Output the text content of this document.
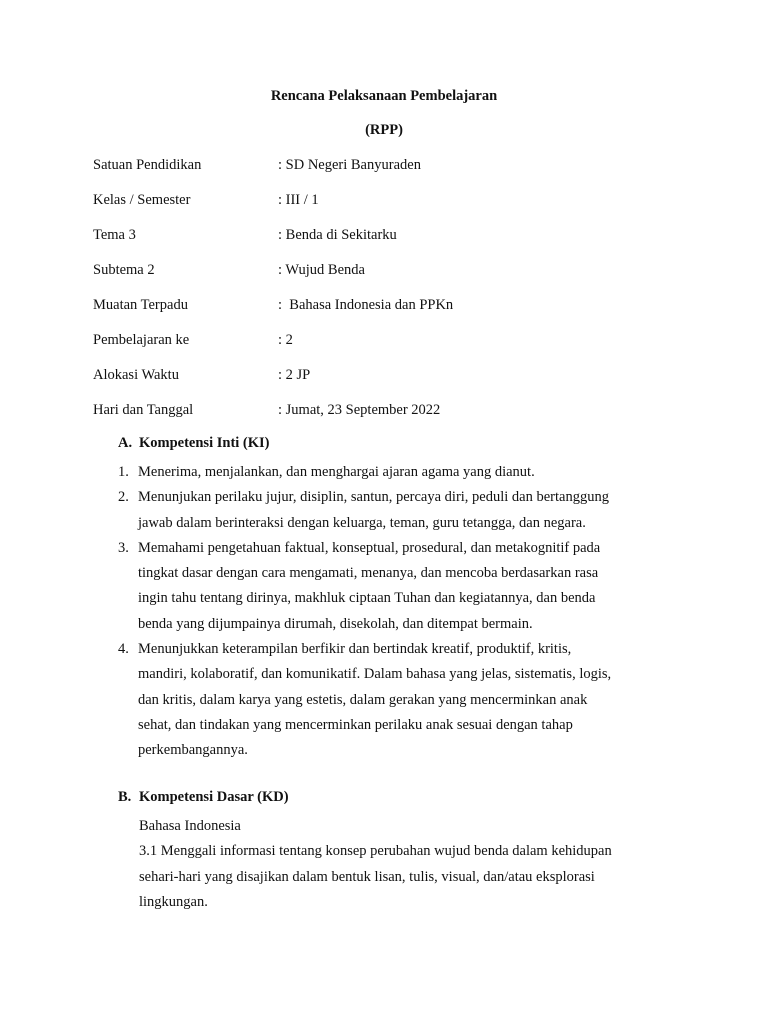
Rencana Pelaksanaan Pembelajaran
(RPP)
Satuan Pendidikan	: SD Negeri Banyuraden
Kelas / Semester	: III / 1
Tema 3	: Benda di Sekitarku
Subtema 2	: Wujud Benda
Muatan Terpadu	:  Bahasa Indonesia dan PPKn
Pembelajaran ke	: 2
Alokasi Waktu	: 2 JP
Hari dan Tanggal	: Jumat, 23 September 2022
A. Kompetensi Inti (KI)
1. Menerima, menjalankan, dan menghargai ajaran agama yang dianut.
2. Menunjukan perilaku jujur, disiplin, santun, percaya diri, peduli dan bertanggung
jawab dalam berinteraksi dengan keluarga, teman, guru tetangga, dan negara.
3. Memahami pengetahuan faktual, konseptual, prosedural, dan metakognitif pada
tingkat dasar dengan cara mengamati, menanya, dan mencoba berdasarkan rasa
ingin tahu tentang dirinya, makhluk ciptaan Tuhan dan kegiatannya, dan benda
benda yang dijumpainya dirumah, disekolah, dan ditempat bermain.
4. Menunjukkan keterampilan berfikir dan bertindak kreatif, produktif, kritis,
mandiri, kolaboratif, dan komunikatif. Dalam bahasa yang jelas, sistematis, logis,
dan kritis, dalam karya yang estetis, dalam gerakan yang mencerminkan anak
sehat, dan tindakan yang mencerminkan perilaku anak sesuai dengan tahap
perkembangannya.
B. Kompetensi Dasar (KD)
Bahasa Indonesia
3.1 Menggali informasi tentang konsep perubahan wujud benda dalam kehidupan
sehari-hari yang disajikan dalam bentuk lisan, tulis, visual, dan/atau eksplorasi
lingkungan.
